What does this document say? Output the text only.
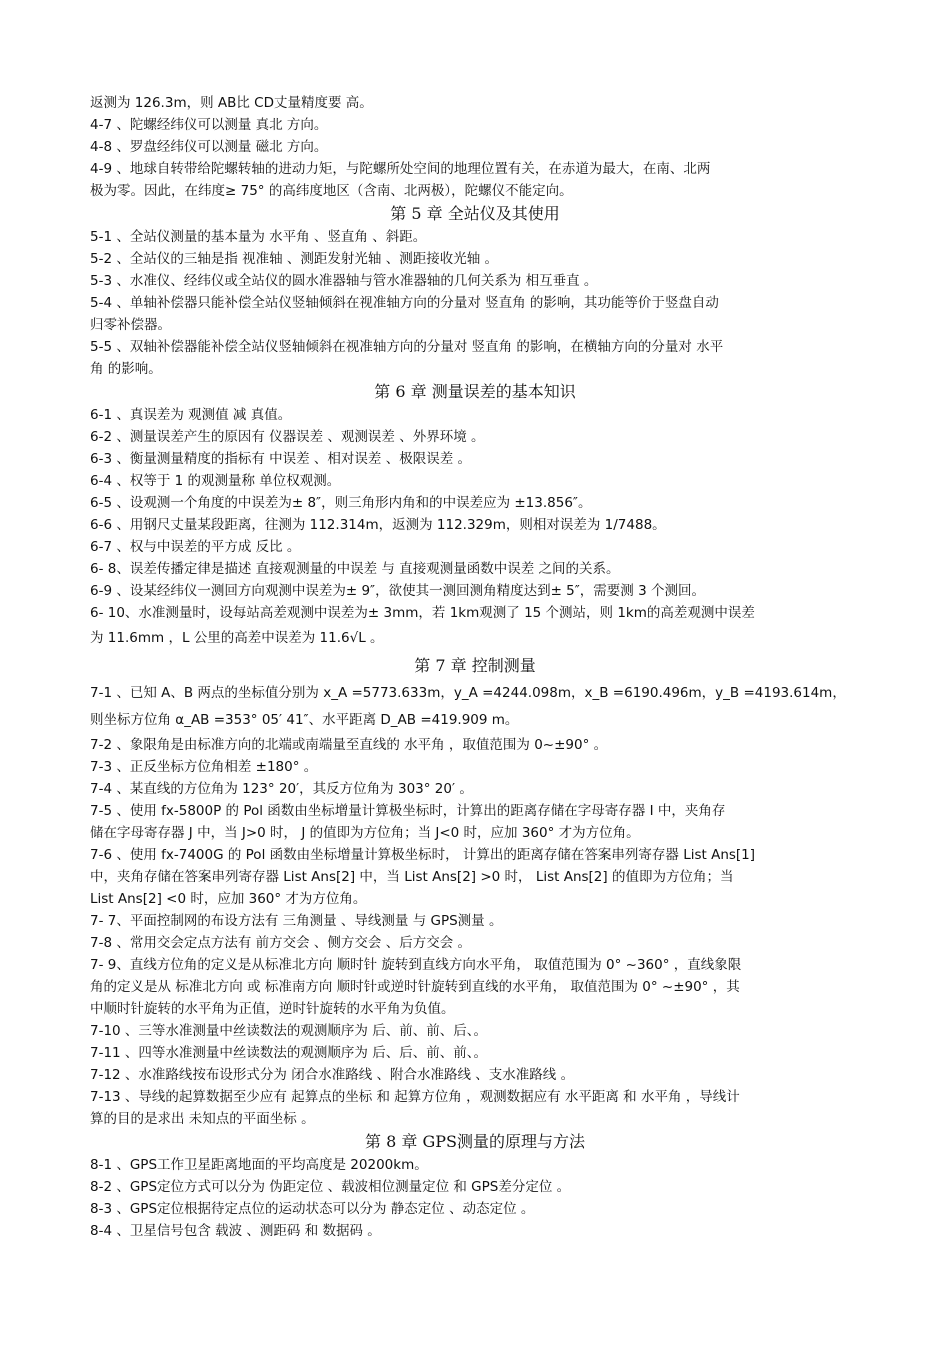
返测为 126.3m，则 AB比 CD丈量精度要 高。
4-7 、陀螺经纬仪可以测量 真北 方向。
4-8 、罗盘经纬仪可以测量 磁北 方向。
4-9 、地球自转带给陀螺转轴的进动力矩，与陀螺所处空间的地理位置有关，在赤道为最大，在南、北两
极为零。因此，在纬度≥ 75° 的高纬度地区（含南、北两极），陀螺仪不能定向。
第 5 章 全站仪及其使用
5-1 、全站仪测量的基本量为 水平角 、竖直角 、斜距。
5-2 、全站仪的三轴是指 视准轴 、测距发射光轴 、测距接收光轴 。
5-3 、水准仪、经纬仪或全站仪的圆水准器轴与管水准器轴的几何关系为 相互垂直 。
5-4 、单轴补偿器只能补偿全站仪竖轴倾斜在视准轴方向的分量对 竖直角 的影响，其功能等价于竖盘自动
归零补偿器。
5-5 、双轴补偿器能补偿全站仪竖轴倾斜在视准轴方向的分量对 竖直角 的影响，在横轴方向的分量对 水平
角 的影响。
第 6 章 测量误差的基本知识
6-1 、真误差为 观测值 减 真值。
6-2 、测量误差产生的原因有 仪器误差 、观测误差 、外界环境 。
6-3 、衡量测量精度的指标有 中误差 、相对误差 、极限误差 。
6-4 、权等于 1 的观测量称 单位权观测。
6-5 、设观测一个角度的中误差为± 8″，则三角形内角和的中误差应为 ±13.856″。
6-6 、用钢尺丈量某段距离，往测为 112.314m，返测为 112.329m，则相对误差为 1/7488。
6-7 、权与中误差的平方成 反比 。
6- 8、误差传播定律是描述 直接观测量的中误差 与 直接观测量函数中误差 之间的关系。
6-9 、设某经纬仪一测回方向观测中误差为± 9″，欲使其一测回测角精度达到± 5″，需要测 3 个测回。
6- 10、水准测量时，设每站高差观测中误差为± 3mm，若 1km观测了 15 个测站，则 1km的高差观测中误差
为 11.6mm ，L 公里的高差中误差为 11.6√L 。
第 7 章 控制测量
7-1 、已知 A、B 两点的坐标值分别为 x_A =5773.633m，y_A =4244.098m，x_B =6190.496m，y_B =4193.614m，
则坐标方位角 α_AB =353° 05′ 41″、水平距离 D_AB =419.909 m。
7-2 、象限角是由标准方向的北端或南端量至直线的 水平角 ，取值范围为 0~±90° 。
7-3 、正反坐标方位角相差 ±180° 。
7-4 、某直线的方位角为 123° 20′，其反方位角为 303° 20′ 。
7-5 、使用 fx-5800P 的 Pol 函数由坐标增量计算极坐标时，计算出的距离存储在字母寄存器 I 中，夹角存
储在字母寄存器 J 中，当 J>0 时， J 的值即为方位角；当 J<0 时，应加 360° 才为方位角。
7-6 、使用 fx-7400G 的 Pol 函数由坐标增量计算极坐标时， 计算出的距离存储在答案串列寄存器 List Ans[1]
中，夹角存储在答案串列寄存器 List Ans[2] 中，当 List Ans[2] >0 时， List Ans[2] 的值即为方位角；当
List Ans[2] <0 时，应加 360° 才为方位角。
7- 7、平面控制网的布设方法有 三角测量 、导线测量 与 GPS测量 。
7-8 、常用交会定点方法有 前方交会 、侧方交会 、后方交会 。
7- 9、直线方位角的定义是从标准北方向 顺时针 旋转到直线方向水平角， 取值范围为 0° ~360° ，直线象限
角的定义是从 标准北方向 或 标准南方向 顺时针或逆时针旋转到直线的水平角， 取值范围为 0° ~±90° ，其
中顺时针旋转的水平角为正值，逆时针旋转的水平角为负值。
7-10 、三等水准测量中丝读数法的观测顺序为 后、前、前、后、。
7-11 、四等水准测量中丝读数法的观测顺序为 后、后、前、前、。
7-12 、水准路线按布设形式分为 闭合水准路线 、附合水准路线 、支水准路线 。
7-13 、导线的起算数据至少应有 起算点的坐标 和 起算方位角 ，观测数据应有 水平距离 和 水平角 ，导线计
算的目的是求出 未知点的平面坐标 。
第 8 章 GPS测量的原理与方法
8-1 、GPS工作卫星距离地面的平均高度是 20200km。
8-2 、GPS定位方式可以分为 伪距定位 、载波相位测量定位 和 GPS差分定位 。
8-3 、GPS定位根据待定点位的运动状态可以分为 静态定位 、动态定位 。
8-4 、卫星信号包含 载波 、测距码 和 数据码 。
